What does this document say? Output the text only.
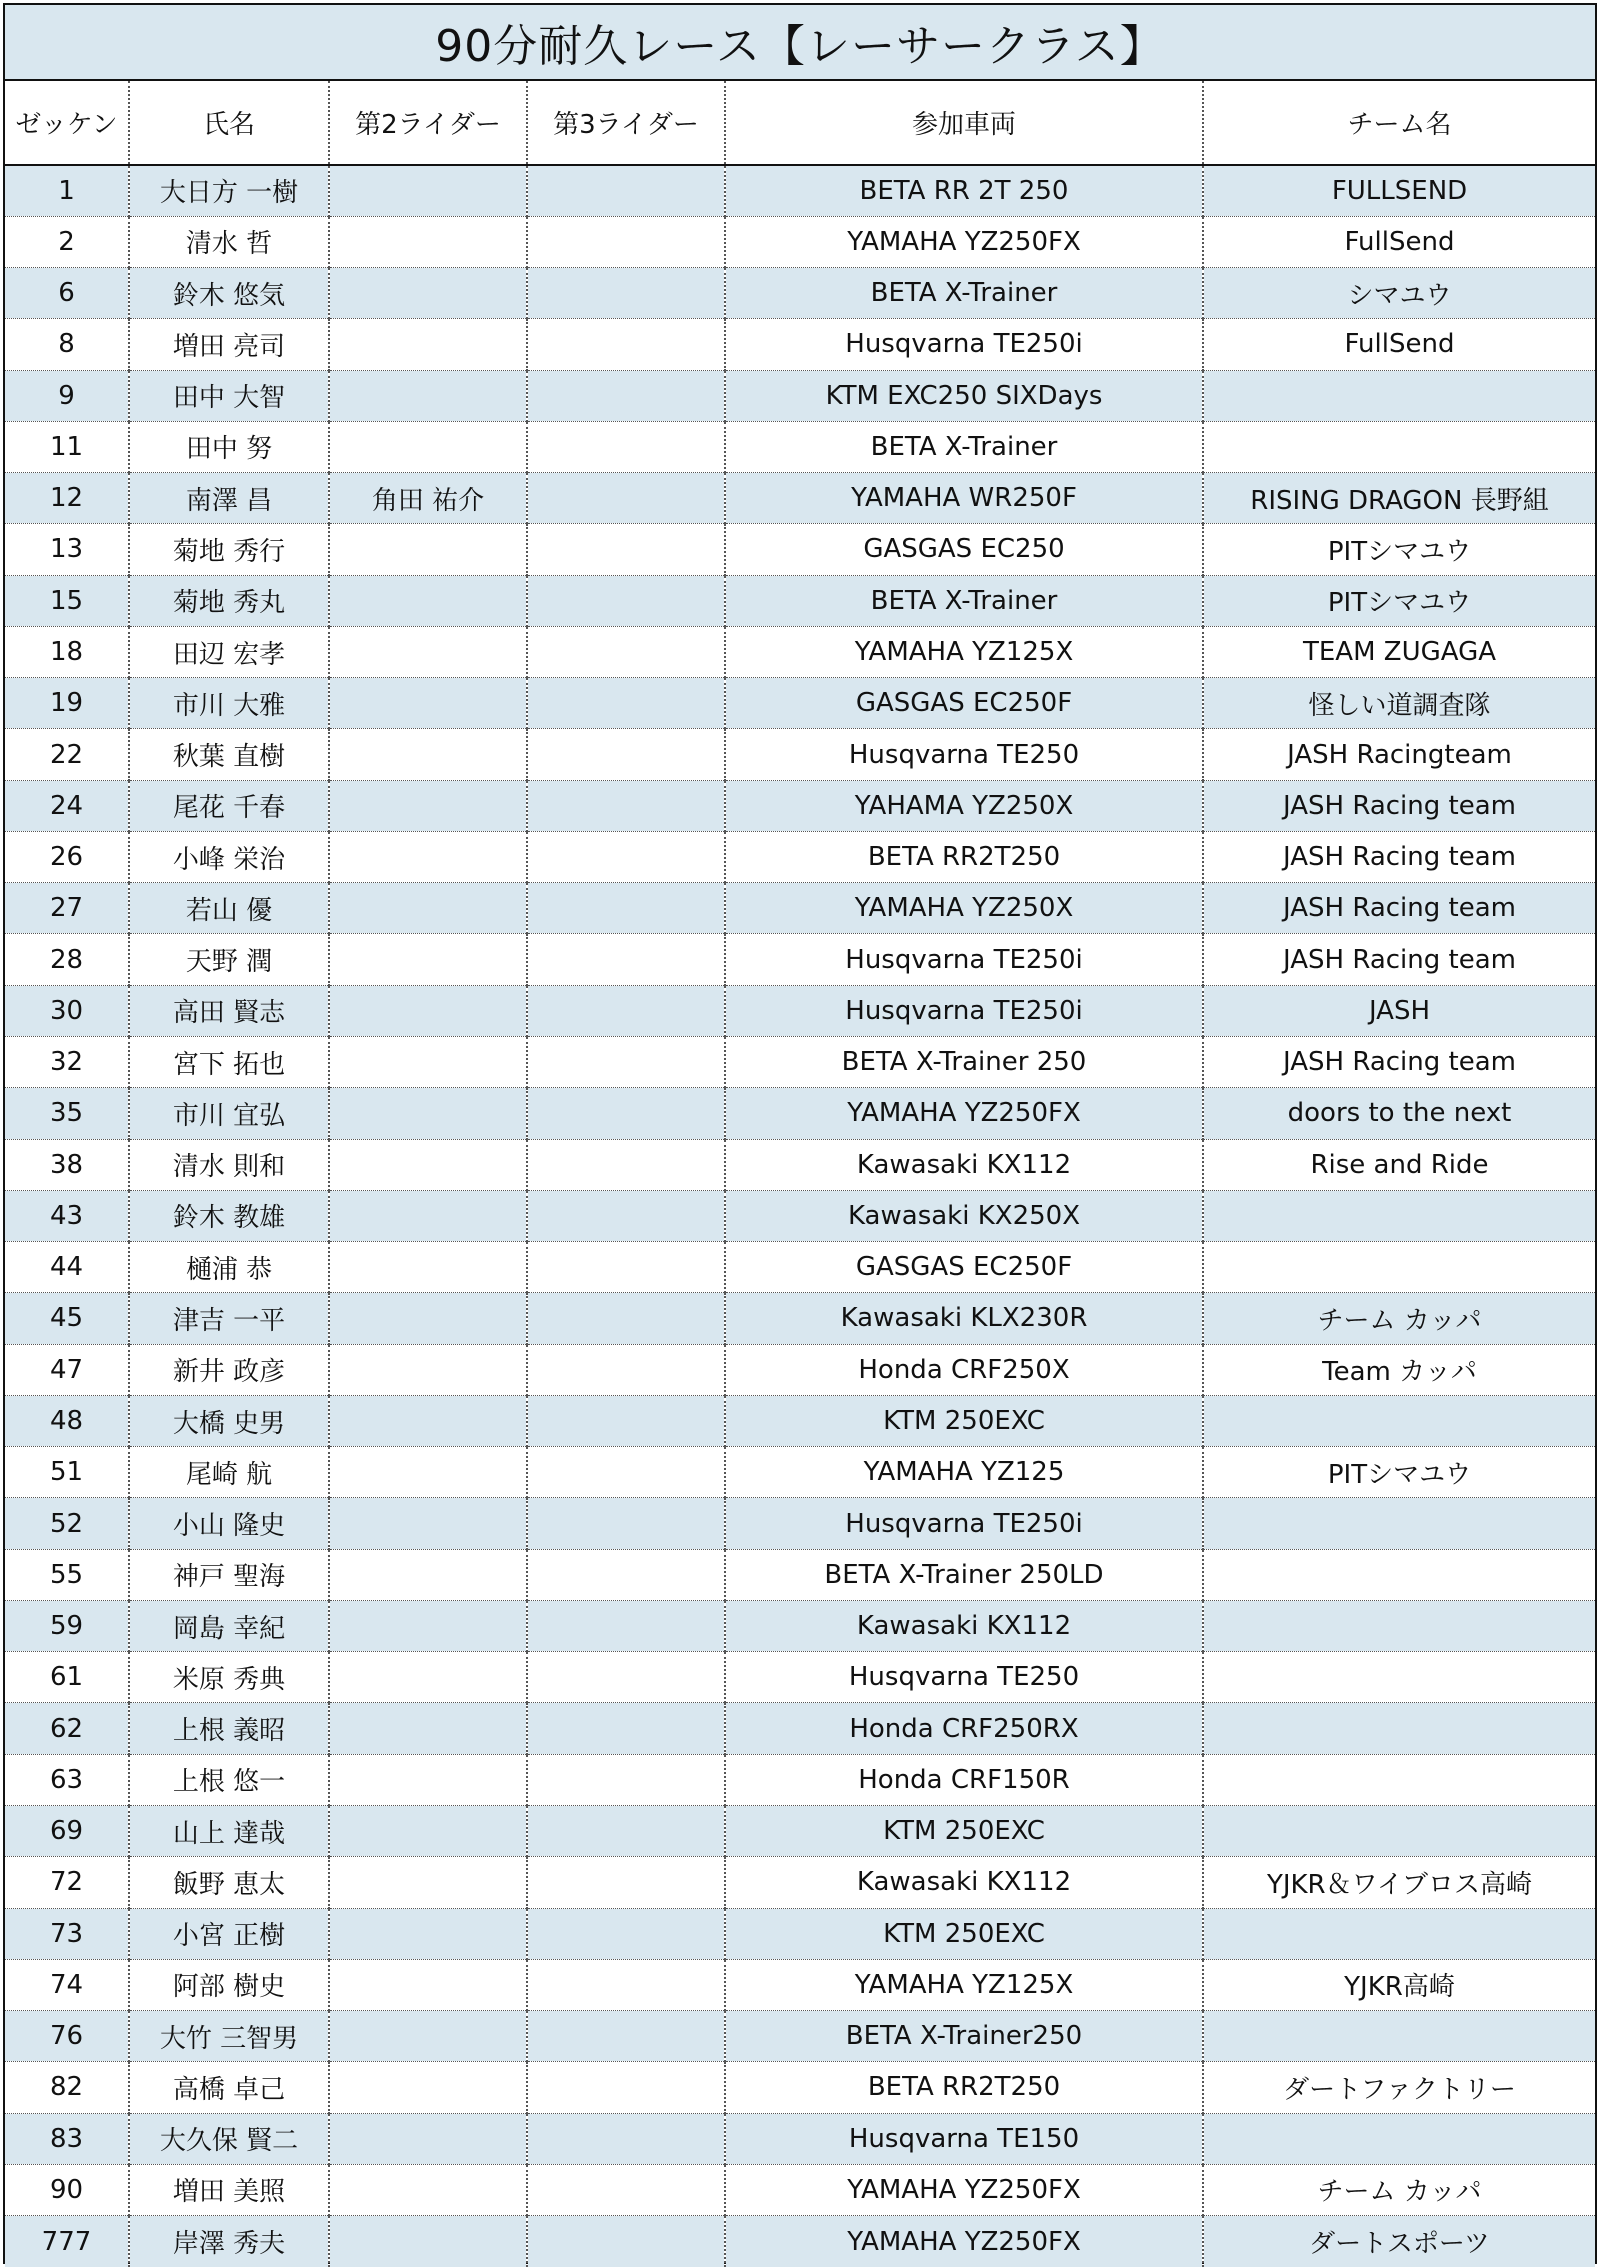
90分耐久レース【レーサークラス】
ゼッケン	氏名	第2ライダー	第3ライダー	参加車両	チーム名
1	大日方 一樹			BETA RR 2T 250	FULLSEND
2	清水 哲			YAMAHA YZ250FX	FullSend
6	鈴木 悠気			BETA X-Trainer	シマユウ
8	増田 亮司			Husqvarna TE250i	FullSend
9	田中 大智			KTM EXC250 SIXDays	
11	田中 努			BETA X-Trainer	
12	南澤 昌	角田 祐介		YAMAHA WR250F	RISING DRAGON 長野組
13	菊地 秀行			GASGAS EC250	PITシマユウ
15	菊地 秀丸			BETA X-Trainer	PITシマユウ
18	田辺 宏孝			YAMAHA YZ125X	TEAM ZUGAGA
19	市川 大雅			GASGAS EC250F	怪しい道調査隊
22	秋葉 直樹			Husqvarna TE250	JASH Racingteam
24	尾花 千春			YAHAMA YZ250X	JASH Racing team
26	小峰 栄治			BETA RR2T250	JASH Racing team
27	若山 優			YAMAHA YZ250X	JASH Racing team
28	天野 潤			Husqvarna TE250i	JASH Racing team
30	高田 賢志			Husqvarna TE250i	JASH
32	宮下 拓也			BETA X-Trainer 250	JASH Racing team
35	市川 宜弘			YAMAHA YZ250FX	doors to the next
38	清水 則和			Kawasaki KX112	Rise and Ride
43	鈴木 教雄			Kawasaki KX250X	
44	樋浦 恭			GASGAS EC250F	
45	津吉 一平			Kawasaki KLX230R	チーム カッパ
47	新井 政彦			Honda CRF250X	Team カッパ
48	大橋 史男			KTM 250EXC	
51	尾崎 航			YAMAHA YZ125	PITシマユウ
52	小山 隆史			Husqvarna TE250i	
55	神戸 聖海			BETA X-Trainer 250LD	
59	岡島 幸紀			Kawasaki KX112	
61	米原 秀典			Husqvarna TE250	
62	上根 義昭			Honda CRF250RX	
63	上根 悠一			Honda CRF150R	
69	山上 達哉			KTM 250EXC	
72	飯野 恵太			Kawasaki KX112	YJKR＆ワイブロス高崎
73	小宮 正樹			KTM 250EXC	
74	阿部 樹史			YAMAHA YZ125X	YJKR高崎
76	大竹 三智男			BETA X-Trainer250	
82	高橋 卓己			BETA RR2T250	ダートファクトリー
83	大久保 賢二			Husqvarna TE150	
90	増田 美照			YAMAHA YZ250FX	チーム カッパ
777	岸澤 秀夫			YAMAHA YZ250FX	ダートスポーツ
